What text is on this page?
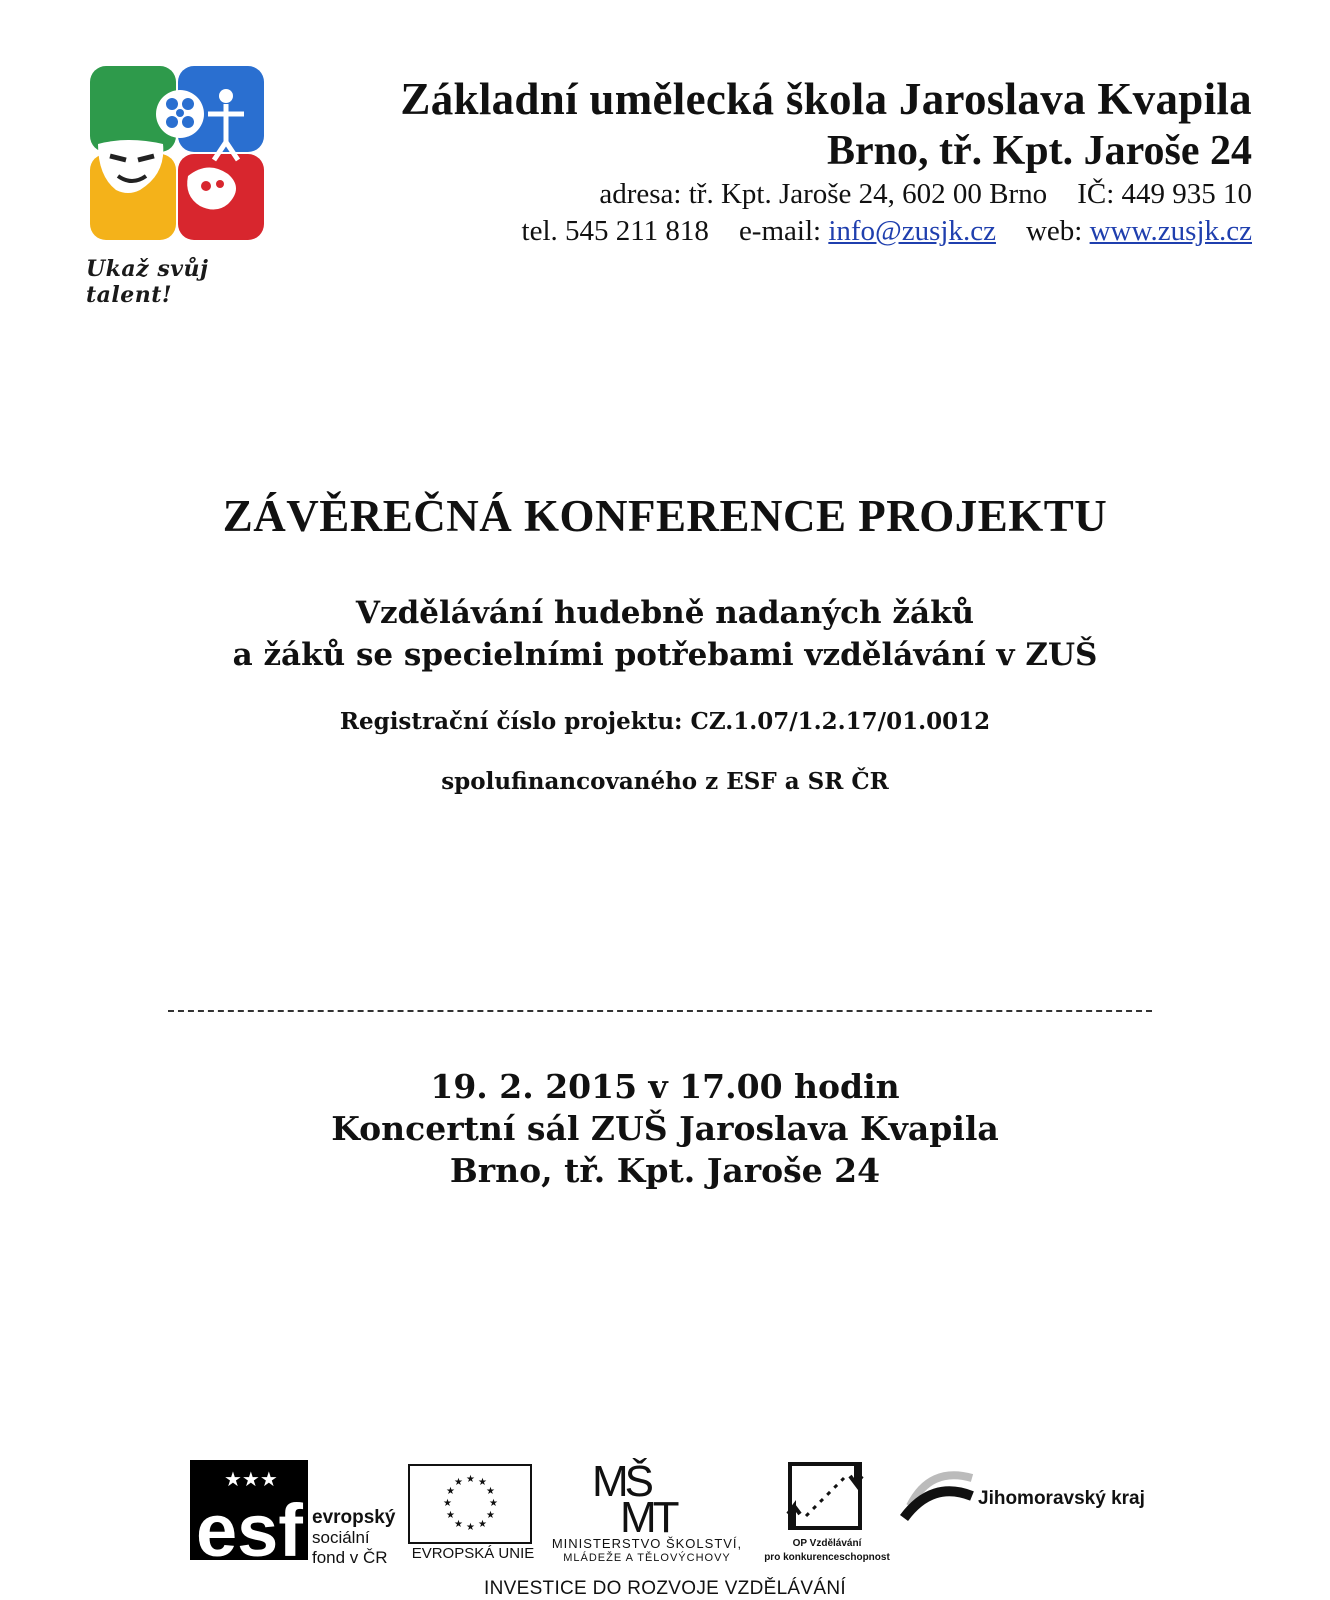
Ukaž svůj talent!
Základní umělecká škola Jaroslava Kvapila
Brno, tř. Kpt. Jaroše 24
adresa: tř. Kpt. Jaroše 24, 602 00 Brno IČ: 449 935 10
tel. 545 211 818 e-mail: info@zusjk.cz web: www.zusjk.cz
ZÁVĚREČNÁ KONFERENCE PROJEKTU
Vzdělávání hudebně nadaných žáků
a žáků se specielními potřebami vzdělávání v ZUŠ
Registrační číslo projektu: CZ.1.07/1.2.17/01.0012
spolufinancovaného z ESF a SR ČR
19. 2. 2015 v 17.00 hodin
Koncertní sál ZUŠ Jaroslava Kvapila
Brno, tř. Kpt. Jaroše 24
esf
★★★
evropský
sociální
fond v ČR
★ ★
★
★
★
★
★
★
★
★
★
★
EVROPSKÁ UNIE
MŠ
MT
MINISTERSTVO ŠKOLSTVÍ,
MLÁDEŽE A TĚLOVÝCHOVY
OP Vzdělávání
pro konkurenceschopnost
Jihomoravský kraj
INVESTICE DO ROZVOJE VZDĚLÁVÁNÍ
